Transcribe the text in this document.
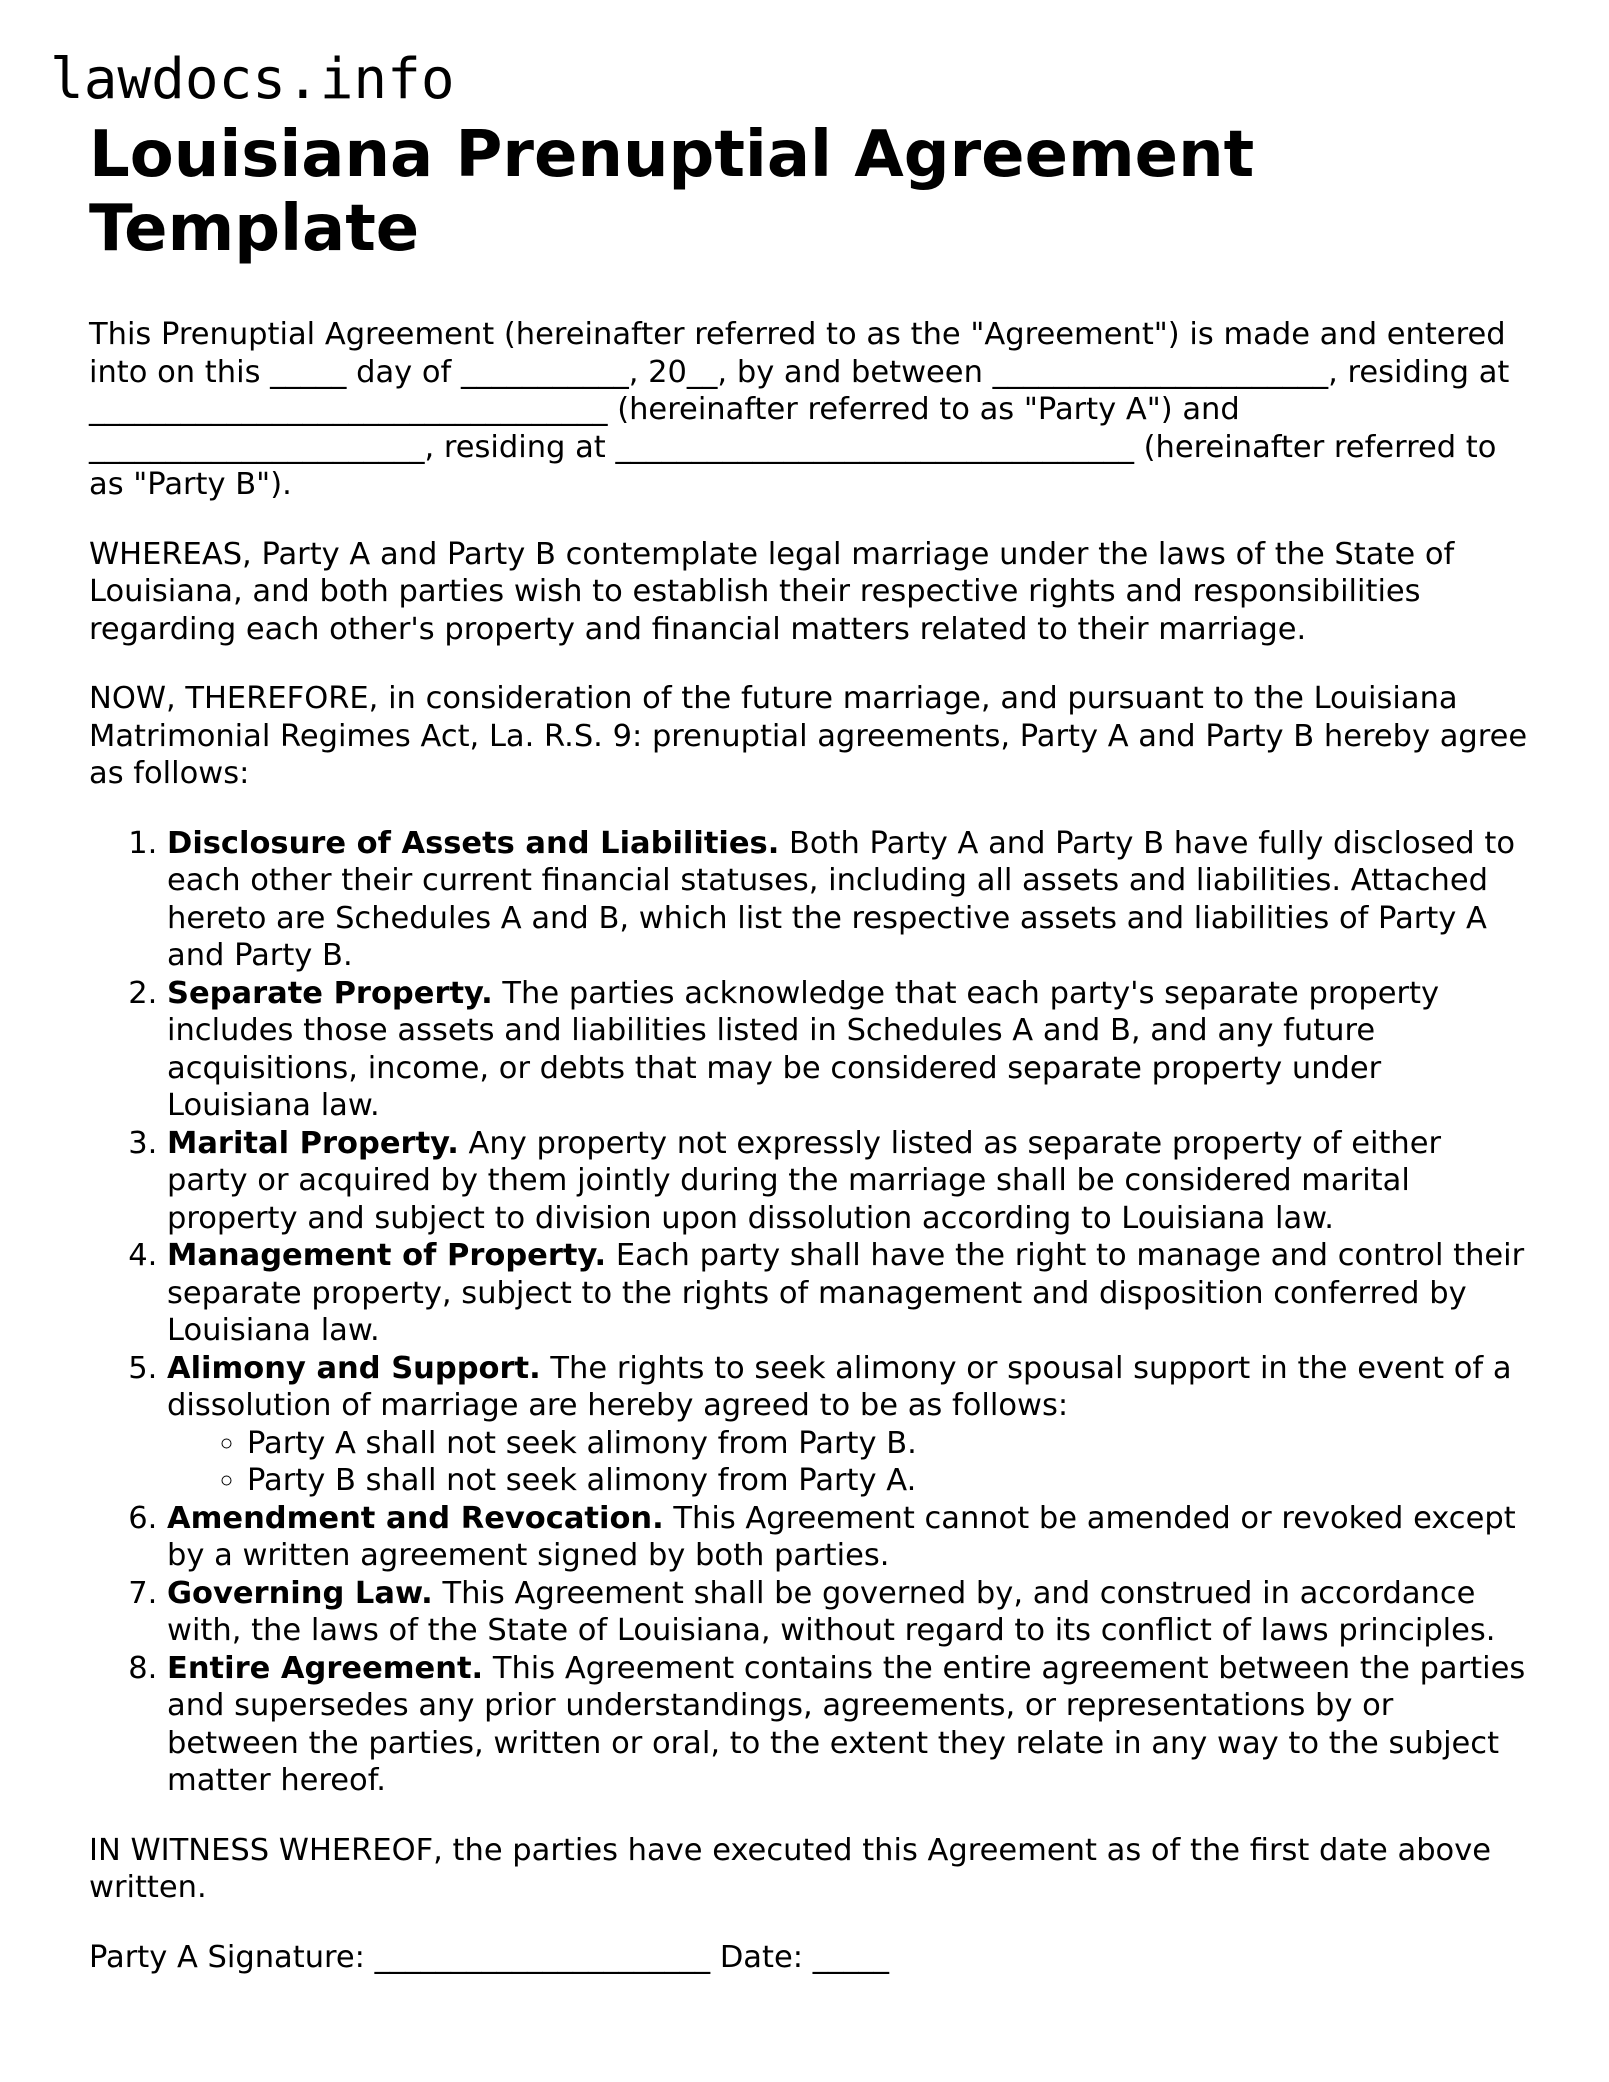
lawdocs.info
Louisiana Prenuptial Agreement Template

This Prenuptial Agreement (hereinafter referred to as the "Agreement") is made and entered into on this _____ day of ___________, 20__, by and between ______________________, residing at __________________________________ (hereinafter referred to as "Party A") and ______________________, residing at __________________________________ (hereinafter referred to as "Party B").

WHEREAS, Party A and Party B contemplate legal marriage under the laws of the State of Louisiana, and both parties wish to establish their respective rights and responsibilities regarding each other's property and financial matters related to their marriage.

NOW, THEREFORE, in consideration of the future marriage, and pursuant to the Louisiana Matrimonial Regimes Act, La. R.S. 9: prenuptial agreements, Party A and Party B hereby agree as follows:

1. Disclosure of Assets and Liabilities. Both Party A and Party B have fully disclosed to each other their current financial statuses, including all assets and liabilities. Attached hereto are Schedules A and B, which list the respective assets and liabilities of Party A and Party B.
2. Separate Property. The parties acknowledge that each party's separate property includes those assets and liabilities listed in Schedules A and B, and any future acquisitions, income, or debts that may be considered separate property under Louisiana law.
3. Marital Property. Any property not expressly listed as separate property of either party or acquired by them jointly during the marriage shall be considered marital property and subject to division upon dissolution according to Louisiana law.
4. Management of Property. Each party shall have the right to manage and control their separate property, subject to the rights of management and disposition conferred by Louisiana law.
5. Alimony and Support. The rights to seek alimony or spousal support in the event of a dissolution of marriage are hereby agreed to be as follows:
◦ Party A shall not seek alimony from Party B.
◦ Party B shall not seek alimony from Party A.
6. Amendment and Revocation. This Agreement cannot be amended or revoked except by a written agreement signed by both parties.
7. Governing Law. This Agreement shall be governed by, and construed in accordance with, the laws of the State of Louisiana, without regard to its conflict of laws principles.
8. Entire Agreement. This Agreement contains the entire agreement between the parties and supersedes any prior understandings, agreements, or representations by or between the parties, written or oral, to the extent they relate in any way to the subject matter hereof.

IN WITNESS WHEREOF, the parties have executed this Agreement as of the first date above written.

Party A Signature: ______________________ Date: _____
